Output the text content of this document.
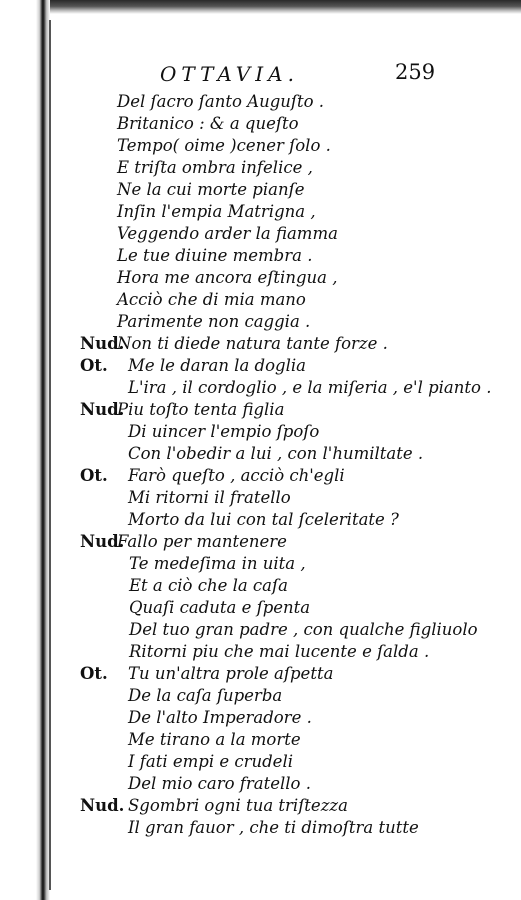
OTTAVIA.	259
Del ſacro ſanto Auguſto .
Britanico : & a queſto
Tempo( oime )cener ſolo .
E triſta ombra infelice ,
Ne la cui morte pianſe
Inſin l'empia Matrigna ,
Veggendo arder la fiamma
Le tue diuine membra .
Hora me ancora eſtingua ,
Acciò che di mia mano
Parimente non caggia .
Nud.
Non ti diede natura tante forze .
Ot. Me le daran la doglia
L'ira , il cordoglio , e la miſeria , e'l pianto .
Nud.
Piu toſto tenta figlia
Di uincer l'empio ſpoſo
Con l'obedir a lui , con l'humiltate .
Ot. Farò queſto , acciò ch'egli
Mi ritorni il fratello
Morto da lui con tal ſceleritate ?
Nud.
Fallo per mantenere
Te medeſima in uita ,
Et a ciò che la caſa
Quaſi caduta e ſpenta
Del tuo gran padre , con qualche figliuolo
Ritorni piu che mai lucente e ſalda .
Ot. Tu un'altra prole aſpetta
De la caſa ſuperba
De l'alto Imperadore .
Me tirano a la morte
I fati empi e crudeli
Del mio caro fratello .
Nud. Sgombri ogni tua triſtezza
Il gran fauor , che ti dimoſtra tutte
